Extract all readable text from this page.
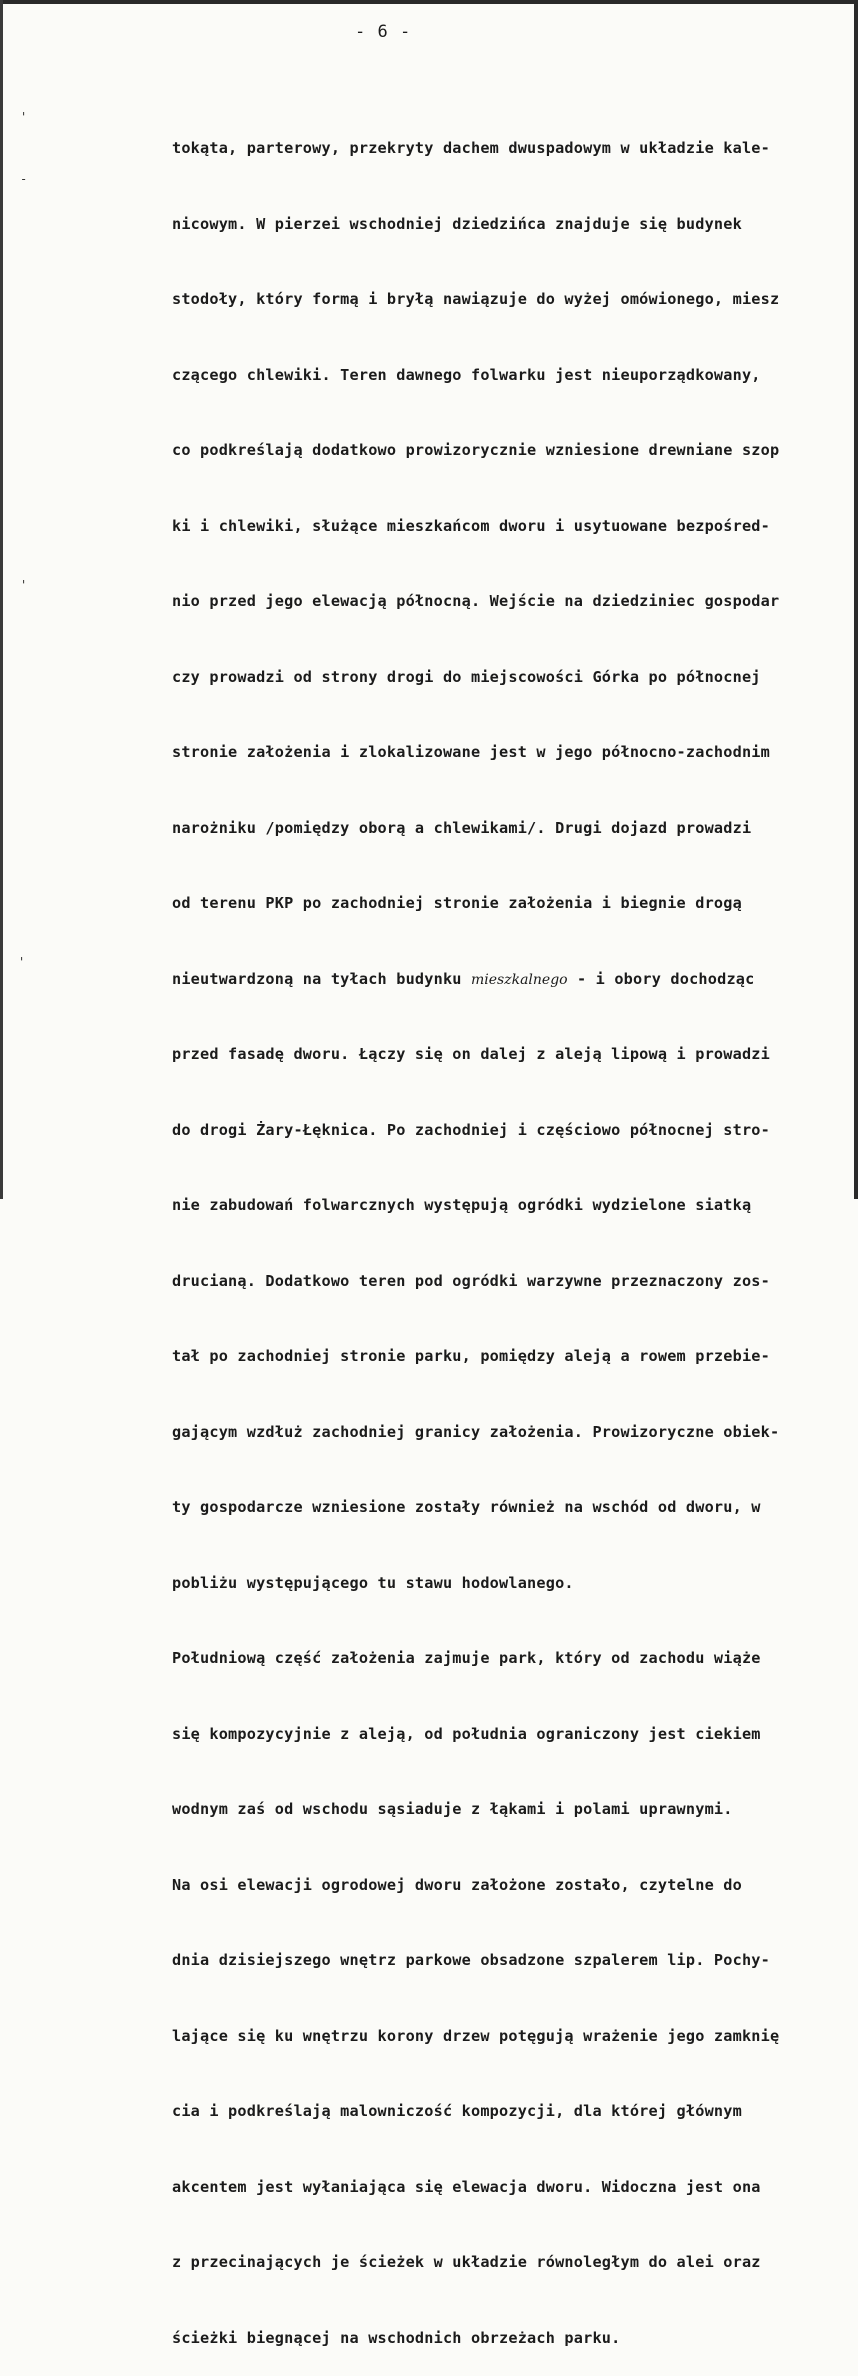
- 6 -
'
-
'
'

tokąta, parterowy, przekryty dachem dwuspadowym w układzie kale-

nicowym. W pierzei wschodniej dziedzińca znajduje się budynek

stodoły, który formą i bryłą nawiązuje do wyżej omówionego, miesz

czącego chlewiki. Teren dawnego folwarku jest nieuporządkowany,

co podkreślają dodatkowo prowizorycznie wzniesione drewniane szop

ki i chlewiki, służące mieszkańcom dworu i usytuowane bezpośred-

nio przed jego elewacją północną. Wejście na dziedziniec gospodar

czy prowadzi od strony drogi do miejscowości Górka po północnej

stronie założenia i zlokalizowane jest w jego północno-zachodnim

narożniku /pomiędzy oborą a chlewikami/. Drugi dojazd prowadzi

od terenu PKP po zachodniej stronie założenia i biegnie drogą

nieutwardzoną na tyłach budynku mieszkalnego - i obory dochodząc

przed fasadę dworu. Łączy się on dalej z aleją lipową i prowadzi

do drogi Żary-Łęknica. Po zachodniej i częściowo północnej stro-

nie zabudowań folwarcznych występują ogródki wydzielone siatką

drucianą. Dodatkowo teren pod ogródki warzywne przeznaczony zos-

tał po zachodniej stronie parku, pomiędzy aleją a rowem przebie-

gającym wzdłuż zachodniej granicy założenia. Prowizoryczne obiek-

ty gospodarcze wzniesione zostały również na wschód od dworu, w

pobliżu występującego tu stawu hodowlanego.

Południową część założenia zajmuje park, który od zachodu wiąże

się kompozycyjnie z aleją, od południa ograniczony jest ciekiem

wodnym zaś od wschodu sąsiaduje z łąkami i polami uprawnymi.

Na osi elewacji ogrodowej dworu założone zostało, czytelne do

dnia dzisiejszego wnętrz parkowe obsadzone szpalerem lip. Pochy-

lające się ku wnętrzu korony drzew potęgują wrażenie jego zamknię

cia i podkreślają malowniczość kompozycji, dla której głównym

akcentem jest wyłaniająca się elewacja dworu. Widoczna jest ona

z przecinających je ścieżek w układzie równoległym do alei oraz

ścieżki biegnącej na wschodnich obrzeżach parku.
